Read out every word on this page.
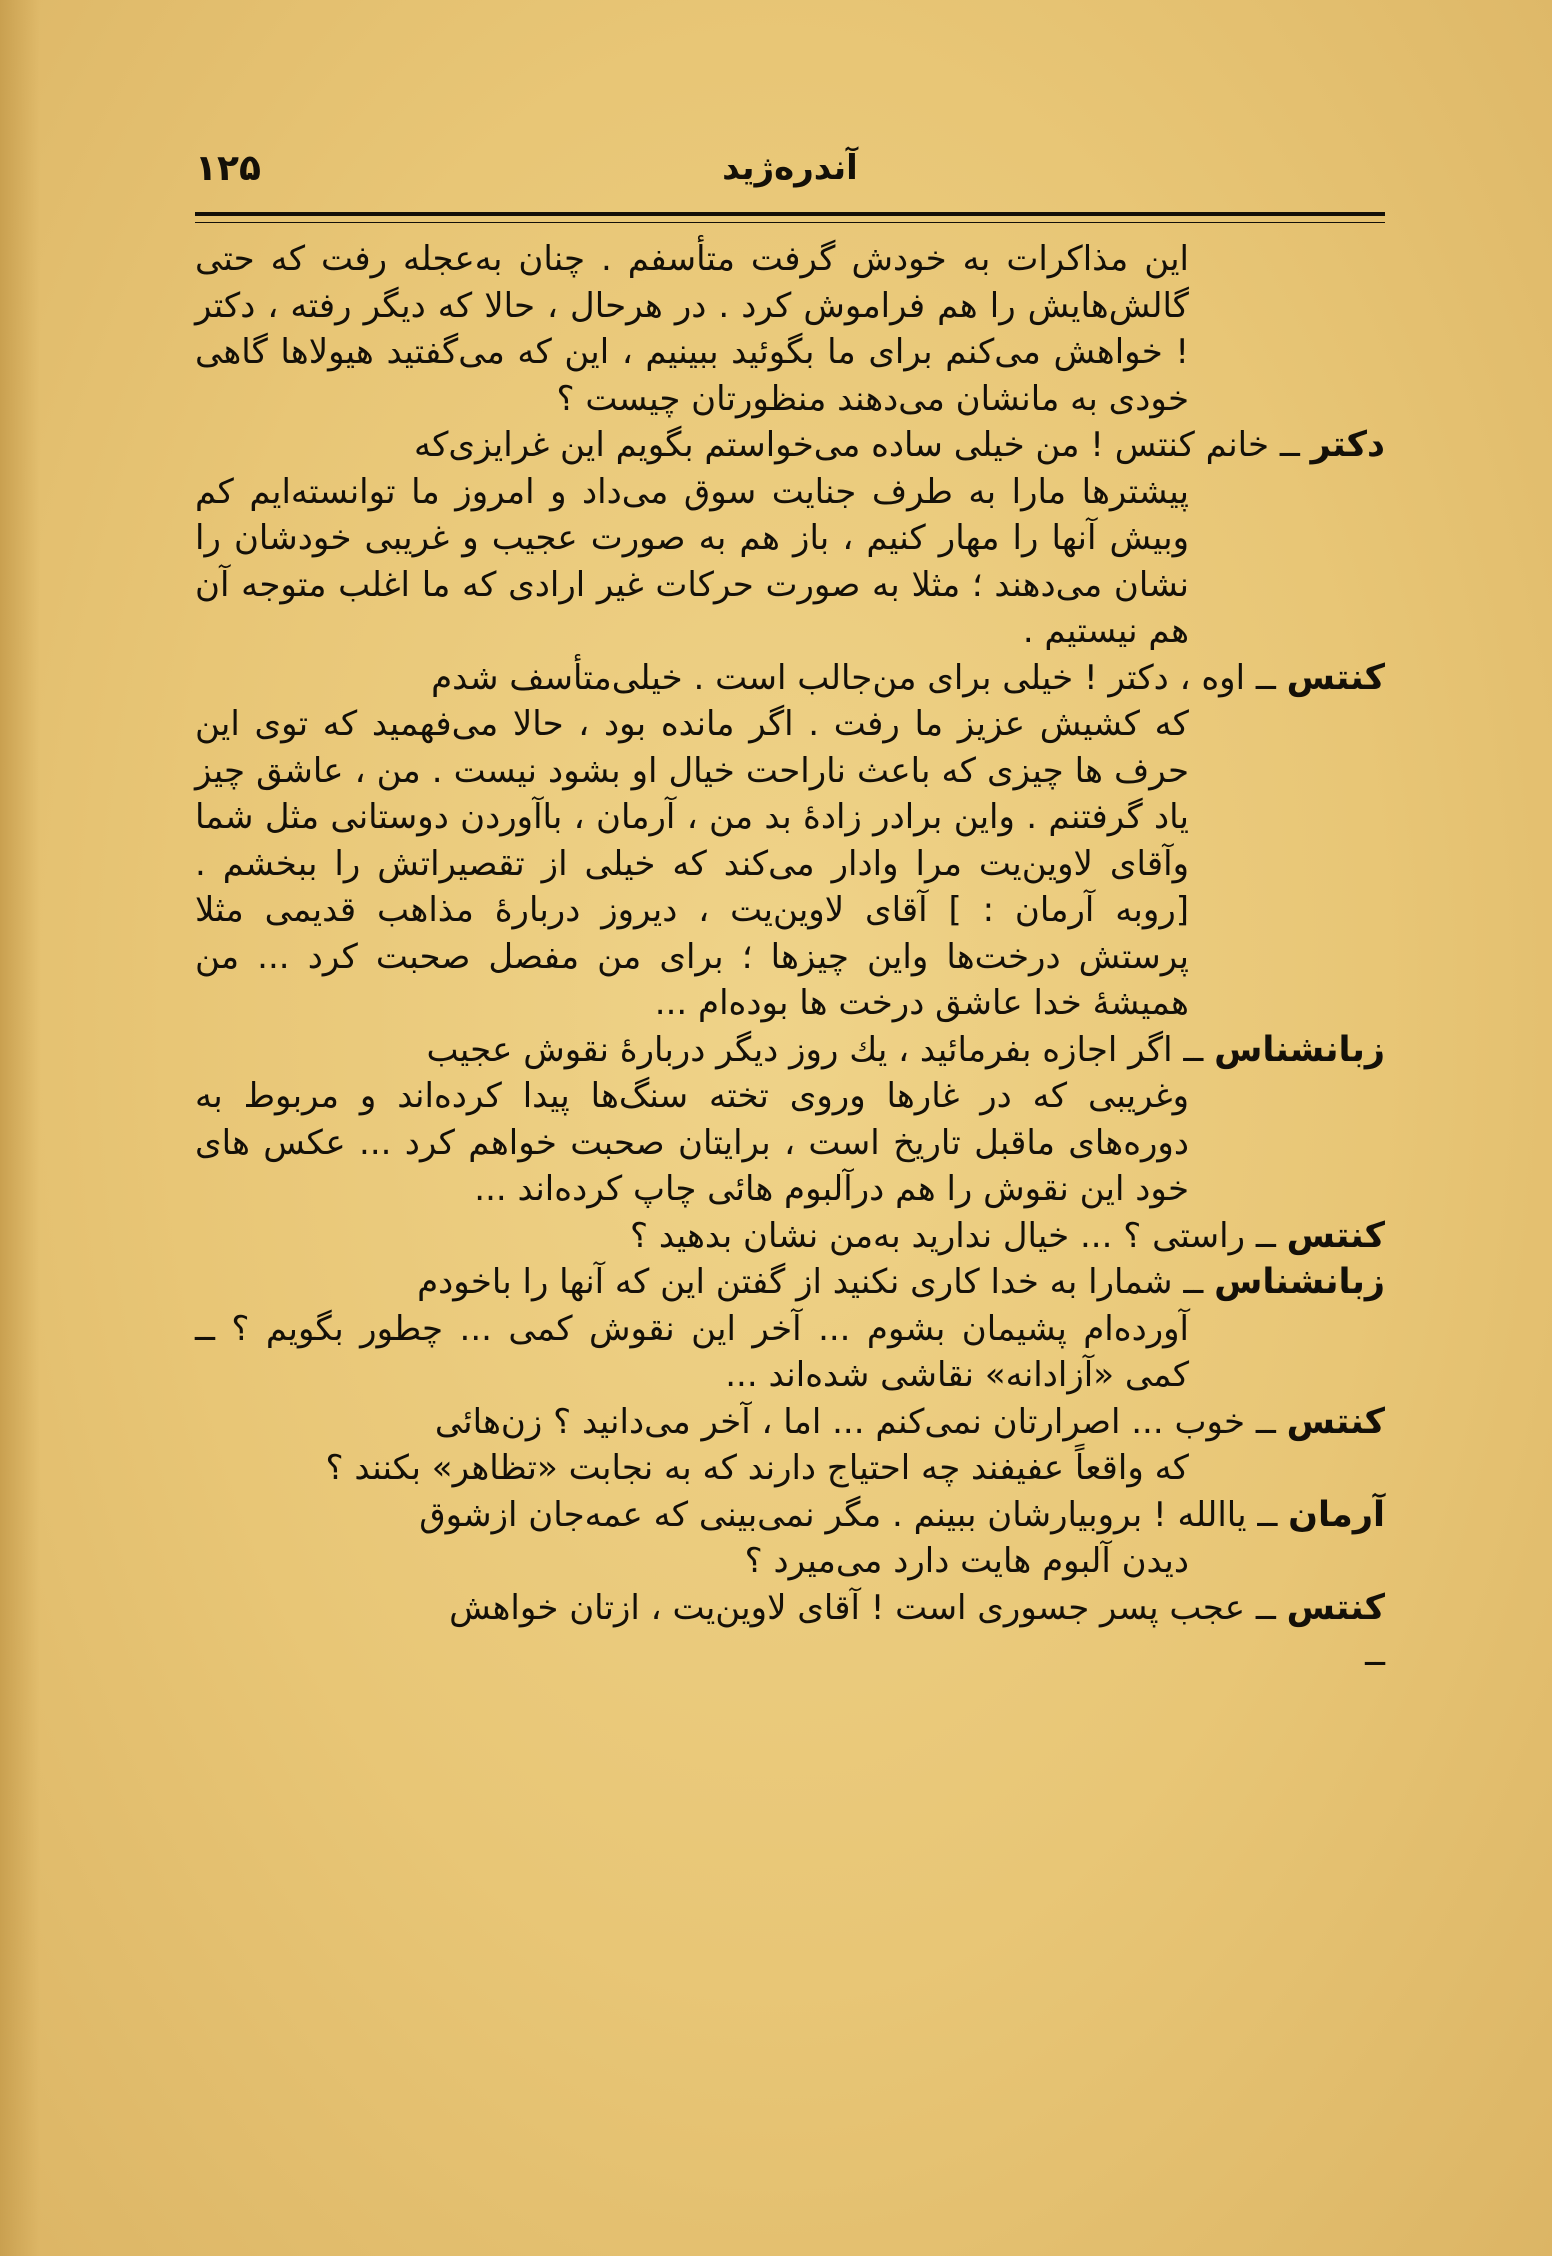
۱۲۵	آندره‌ژید

این مذاکرات به خودش گرفت متأسفم . چنان به‌عجله رفت که حتی گالش‌هایش را هم فراموش کرد . در هرحال ، حالا که دیگر رفته ، دکتر ! خواهش می‌کنم برای ما بگوئید ببینیم ، این که می‌گفتید هیولاها گاهی خودی به مانشان می‌دهند منظورتان چیست ؟

دکتر ــ خانم کنتس ! من خیلی ساده می‌خواستم بگویم این غرایزی‌که
پیشترها مارا به طرف جنایت سوق می‌داد و امروز ما توانسته‌ایم کم وبیش آنها را مهار کنیم ، باز هم به صورت عجیب و غریبی خودشان را نشان می‌دهند ؛ مثلا به صورت حرکات غیر ارادی که ما اغلب متوجه آن هم نیستیم .
کنتس ــ اوه ، دکتر ! خیلی برای من‌جالب است . خیلی‌متأسف شدم
که کشیش عزیز ما رفت . اگر مانده بود ، حالا می‌فهمید که توی این حرف ها چیزی که باعث ناراحت خیال او بشود نیست . من ، عاشق چیز یاد گرفتنم . واین برادر زادهٔ بد من ، آرمان ، باآوردن دوستانی مثل شما وآقای لاوین‌یت مرا وادار می‌کند که خیلی از تقصیراتش را ببخشم . [روبه آرمان : ] آقای لاوین‌یت ، دیروز دربارهٔ مذاهب قدیمی مثلا پرستش درخت‌ها واین چیزها ؛ برای من مفصل صحبت کرد ... من همیشهٔ خدا عاشق درخت ها بوده‌ام ...
زبانشناس ــ اگر اجازه بفرمائید ، یك روز دیگر دربارهٔ نقوش عجیب
وغریبی که در غارها وروی تخته سنگ‌ها پیدا کرده‌اند و مربوط به دوره‌های ماقبل تاریخ است ، برایتان صحبت خواهم کرد ... عکس های خود این نقوش را هم درآلبوم هائی چاپ کرده‌اند ...
کنتس ــ راستی ؟ ... خیال ندارید به‌من نشان بدهید ؟
زبانشناس ــ شمارا به خدا کاری نکنید از گفتن این که آنها را باخودم
آورده‌ام پشیمان بشوم ... آخر این نقوش کمی ... چطور بگویم ؟ ــ کمی «آزادانه» نقاشی شده‌اند ...
کنتس ــ خوب ... اصرارتان نمی‌کنم ... اما ، آخر می‌دانید ؟ زن‌هائی
که واقعاً عفیفند چه احتیاج دارند که به نجابت «تظاهر» بکنند ؟
آرمان ــ یاالله ! بروبیارشان ببینم . مگر نمی‌بینی که عمه‌جان ازشوق
دیدن آلبوم هایت دارد می‌میرد ؟
کنتس ــ عجب پسر جسوری است ! آقای لاوین‌یت ، ازتان خواهش
ــ
